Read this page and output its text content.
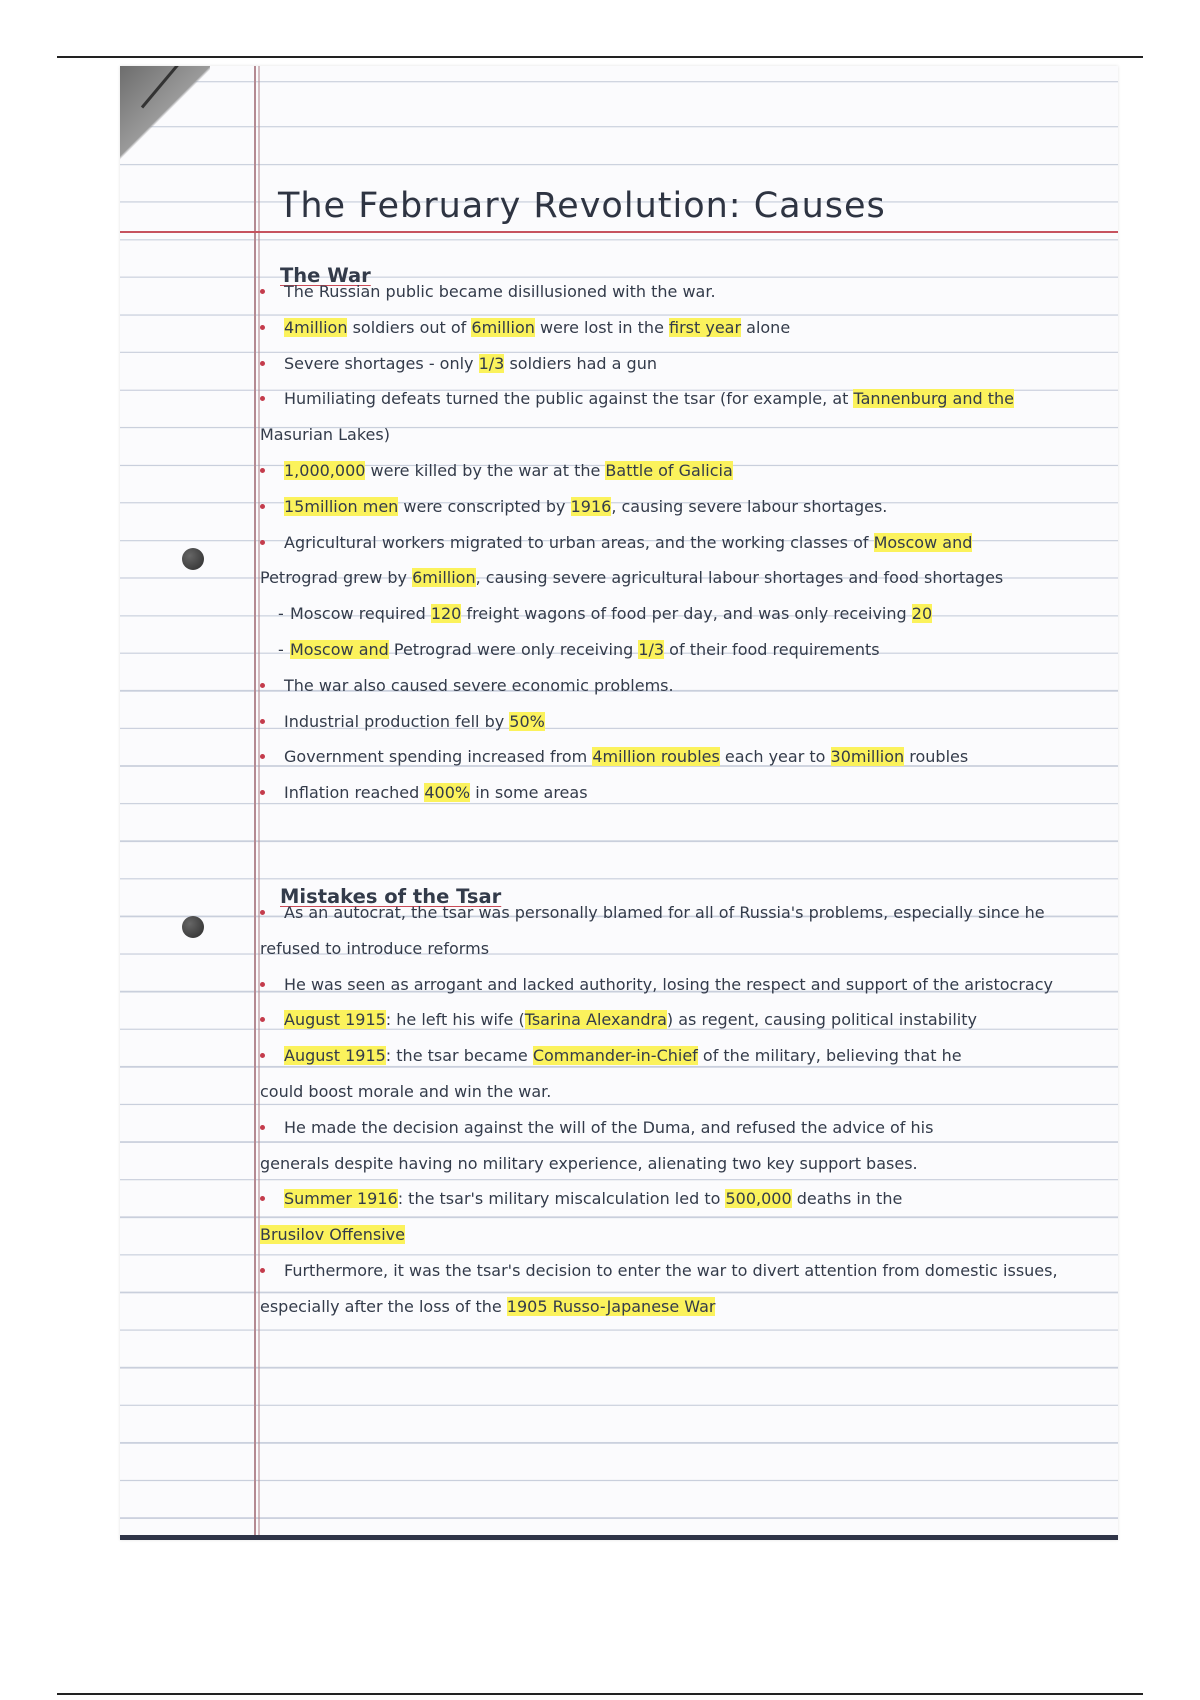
The February Revolution: Causes
The War
The Russian public became disillusioned with the war.
4million soldiers out of 6million were lost in the first year alone
Severe shortages - only 1/3 soldiers had a gun
Humiliating defeats turned the public against the tsar (for example, at Tannenburg and the
Masurian Lakes)
1,000,000 were killed by the war at the Battle of Galicia
15million men were conscripted by 1916, causing severe labour shortages.
Agricultural workers migrated to urban areas, and the working classes of Moscow and
Petrograd grew by 6million, causing severe agricultural labour shortages and food shortages
- Moscow required 120 freight wagons of food per day, and was only receiving 20
- Moscow and Petrograd were only receiving 1/3 of their food requirements
The war also caused severe economic problems.
Industrial production fell by 50%
Government spending increased from 4million roubles each year to 30million roubles
Inflation reached 400% in some areas
Mistakes of the Tsar
As an autocrat, the tsar was personally blamed for all of Russia's problems, especially since he
refused to introduce reforms
He was seen as arrogant and lacked authority, losing the respect and support of the aristocracy
August 1915: he left his wife (Tsarina Alexandra) as regent, causing political instability
August 1915: the tsar became Commander-in-Chief of the military, believing that he
could boost morale and win the war.
He made the decision against the will of the Duma, and refused the advice of his
generals despite having no military experience, alienating two key support bases.
Summer 1916: the tsar's military miscalculation led to 500,000 deaths in the
Brusilov Offensive
Furthermore, it was the tsar's decision to enter the war to divert attention from domestic issues,
especially after the loss of the 1905 Russo-Japanese War
